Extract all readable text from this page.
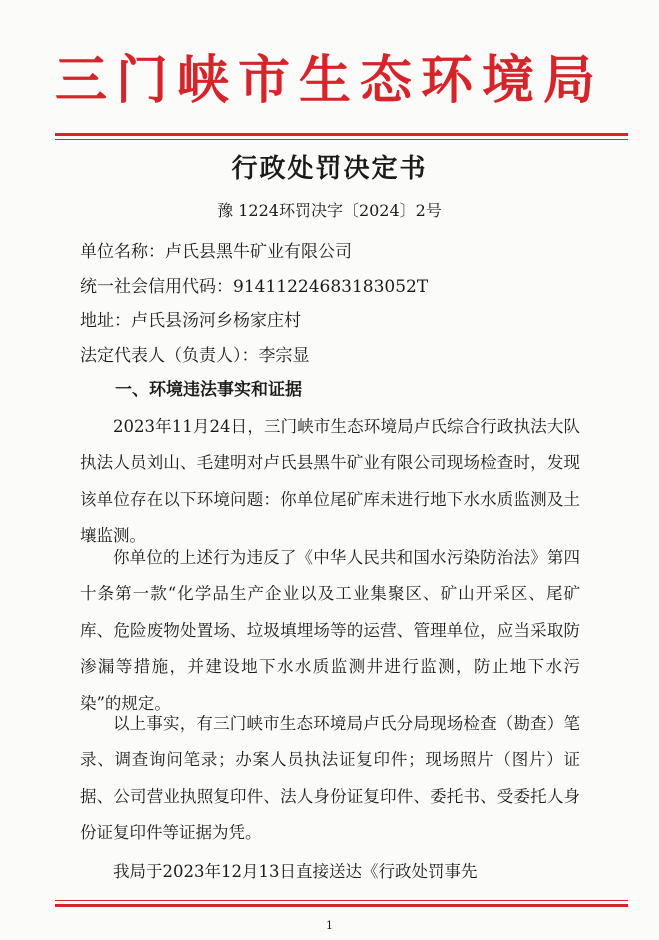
三门峡市生态环境局
行政处罚决定书
豫 1224环罚决字〔2024〕2号
单位名称：卢氏县黑牛矿业有限公司
统一社会信用代码：91411224683183052T
地址：卢氏县汤河乡杨家庄村
法定代表人（负责人）：李宗显
一、环境违法事实和证据
2023年11月24日，三门峡市生态环境局卢氏综合行政执法大队执法人员刘山、毛建明对卢氏县黑牛矿业有限公司现场检查时，发现该单位存在以下环境问题：你单位尾矿库未进行地下水水质监测及土壤监测。
你单位的上述行为违反了《中华人民共和国水污染防治法》第四十条第一款“化学品生产企业以及工业集聚区、矿山开采区、尾矿库、危险废物处置场、垃圾填埋场等的运营、管理单位，应当采取防渗漏等措施，并建设地下水水质监测井进行监测，防止地下水污染”的规定。
以上事实，有三门峡市生态环境局卢氏分局现场检查（勘查）笔录、调查询问笔录；办案人员执法证复印件；现场照片（图片）证据、公司营业执照复印件、法人身份证复印件、委托书、受委托人身份证复印件等证据为凭。
我局于2023年12月13日直接送达《行政处罚事先
1
